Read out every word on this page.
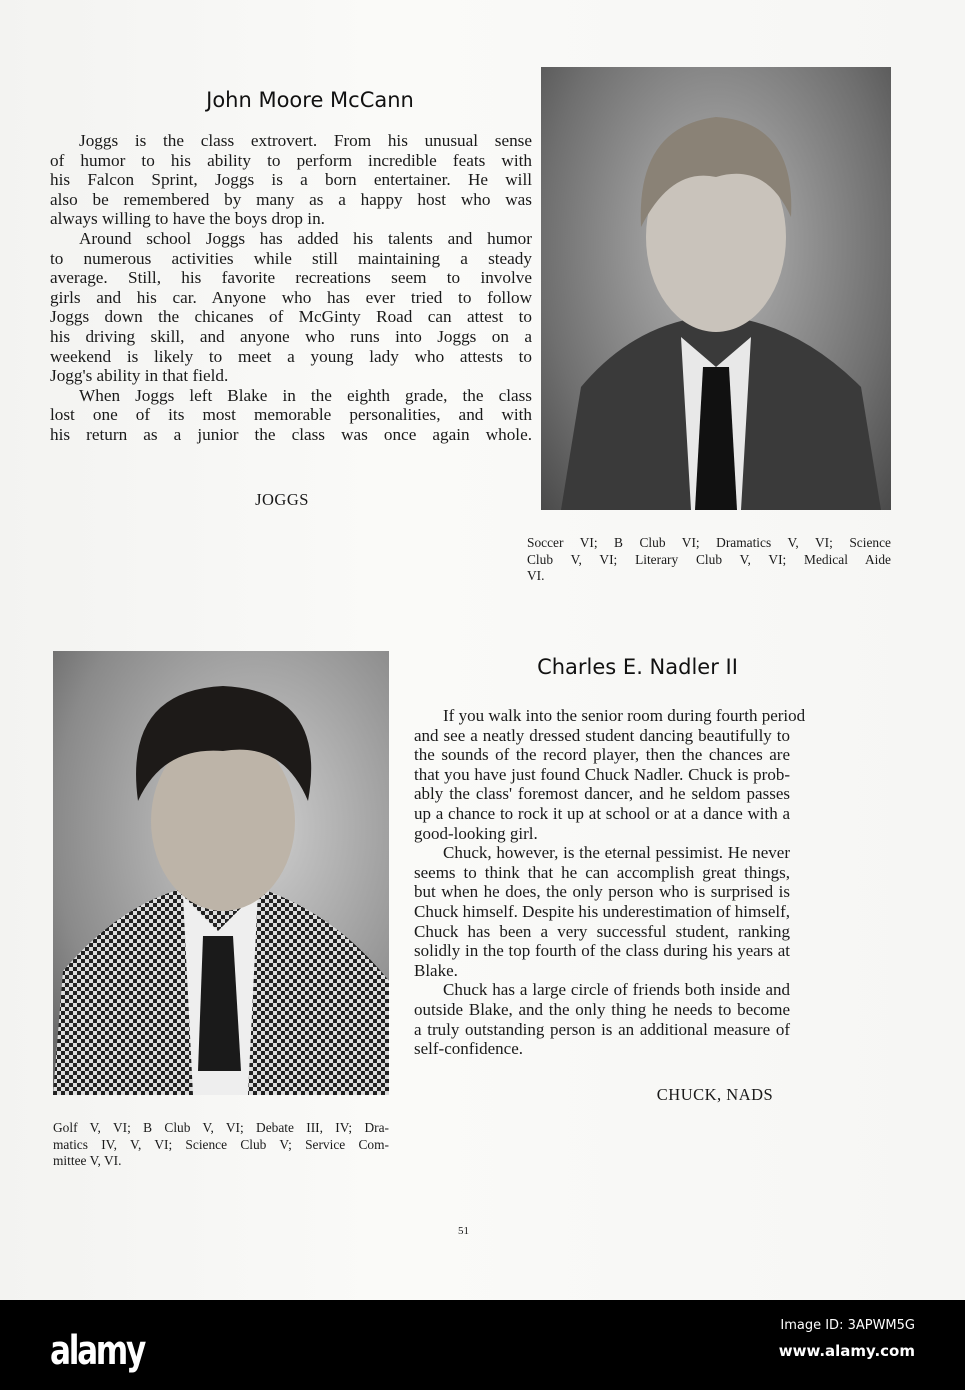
John Moore McCann
Joggs is the class extrovert. From his unusual sense
of humor to his ability to perform incredible feats with
his Falcon Sprint, Joggs is a born entertainer. He will
also be remembered by many as a happy host who was
always willing to have the boys drop in.
Around school Joggs has added his talents and humor
to numerous activities while still maintaining a steady
average. Still, his favorite recreations seem to involve
girls and his car. Anyone who has ever tried to follow
Joggs down the chicanes of McGinty Road can attest to
his driving skill, and anyone who runs into Joggs on a
weekend is likely to meet a young lady who attests to
Jogg's ability in that field.
When Joggs left Blake in the eighth grade, the class
lost one of its most memorable personalities, and with
his return as a junior the class was once again whole.
JOGGS
Soccer VI; B Club VI; Dramatics V, VI; Science
Club V, VI; Literary Club V, VI; Medical Aide
VI.
Golf V, VI; B Club V, VI; Debate III, IV; Dra-
matics IV, V, VI; Science Club V; Service Com-
mittee V, VI.
Charles E. Nadler II
If you walk into the senior room during fourth period
and see a neatly dressed student dancing beautifully to
the sounds of the record player, then the chances are
that you have just found Chuck Nadler. Chuck is prob-
ably the class' foremost dancer, and he seldom passes
up a chance to rock it up at school or at a dance with a
good-looking girl.
Chuck, however, is the eternal pessimist. He never
seems to think that he can accomplish great things,
but when he does, the only person who is surprised is
Chuck himself. Despite his underestimation of himself,
Chuck has been a very successful student, ranking
solidly in the top fourth of the class during his years at
Blake.
Chuck has a large circle of friends both inside and
outside Blake, and the only thing he needs to become
a truly outstanding person is an additional measure of
self-confidence.
CHUCK, NADS
51
alamy
Image ID: 3APWM5G
www.alamy.com
